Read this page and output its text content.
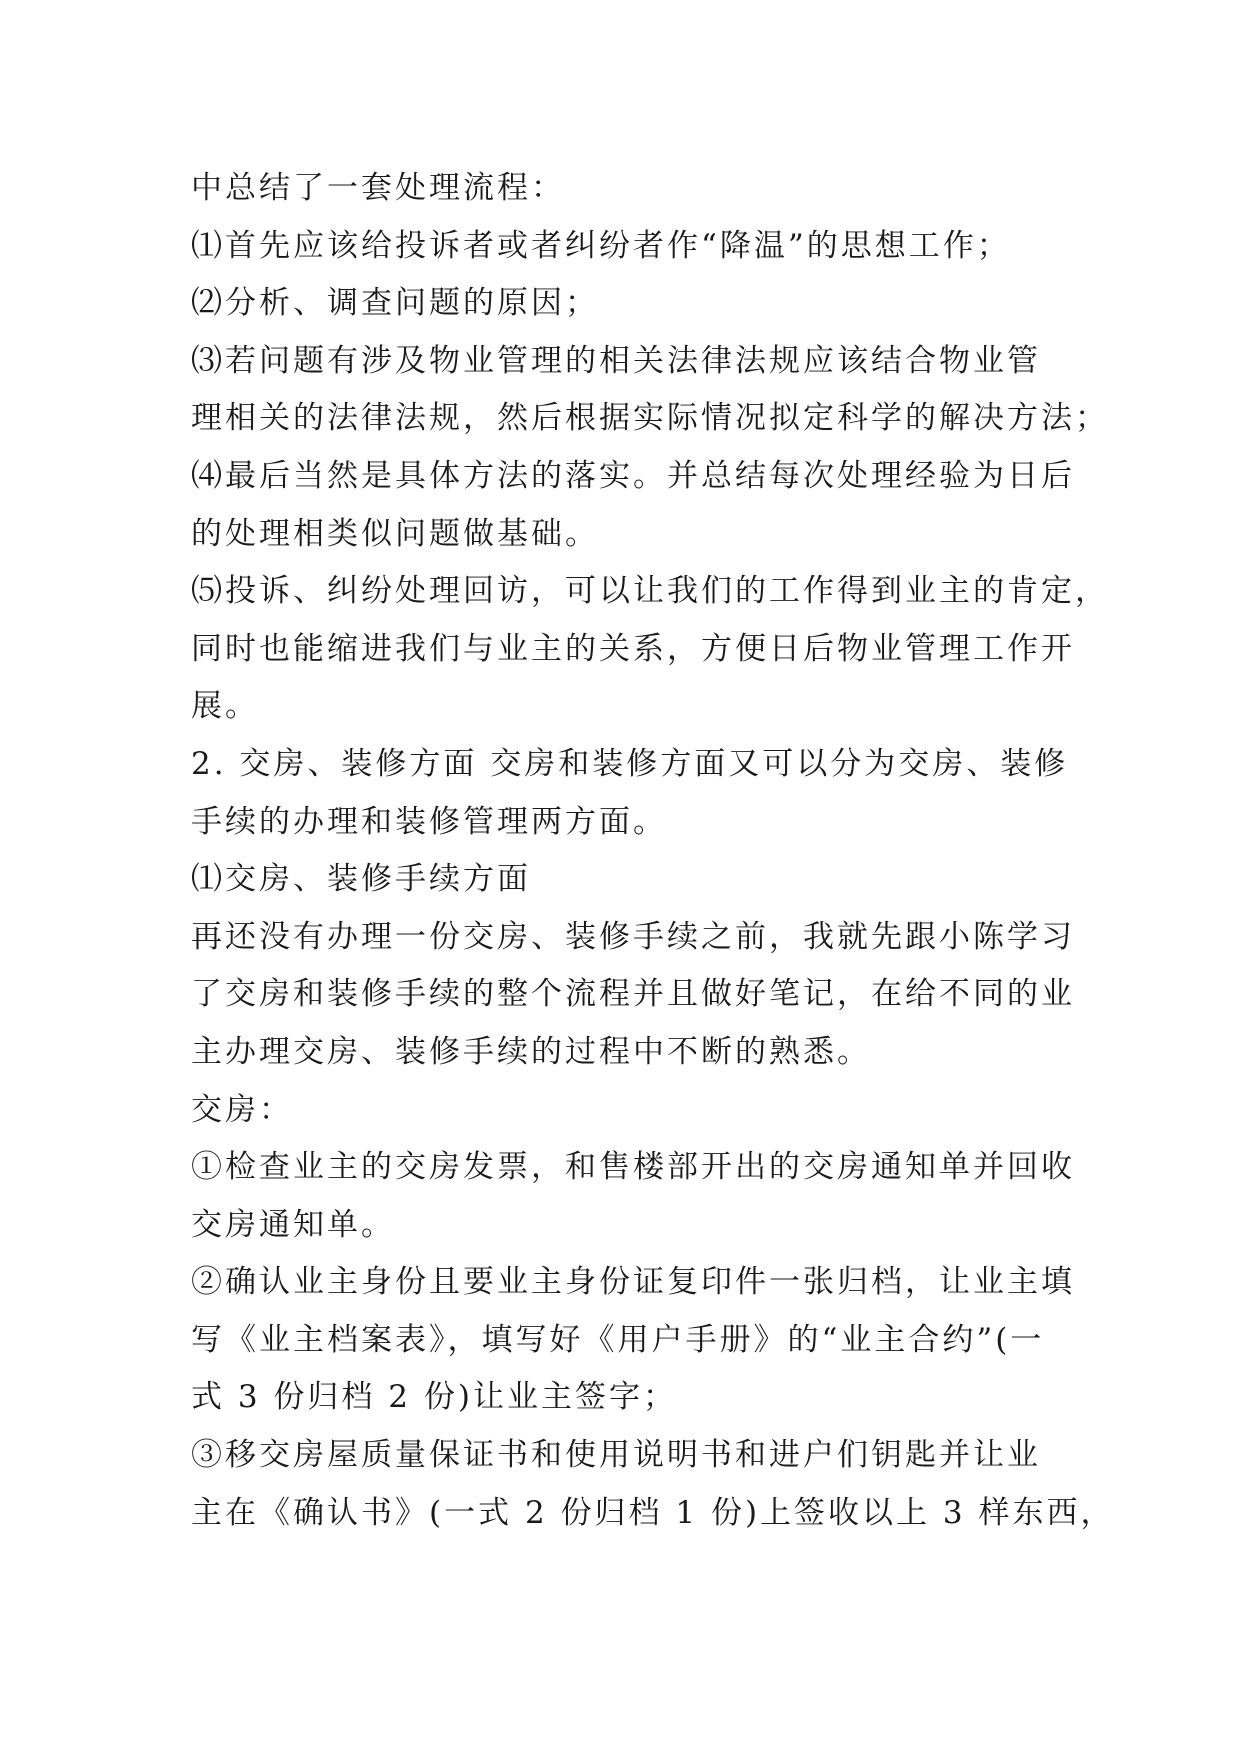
中总结了一套处理流程：
⑴首先应该给投诉者或者纠纷者作“降温”的思想工作；
⑵分析、调查问题的原因；
⑶若问题有涉及物业管理的相关法律法规应该结合物业管
理相关的法律法规，然后根据实际情况拟定科学的解决方法；
⑷最后当然是具体方法的落实。并总结每次处理经验为日后
的处理相类似问题做基础。
⑸投诉、纠纷处理回访，可以让我们的工作得到业主的肯定，
同时也能缩进我们与业主的关系，方便日后物业管理工作开
展。
2. 交房、装修方面 交房和装修方面又可以分为交房、装修
手续的办理和装修管理两方面。
⑴交房、装修手续方面
再还没有办理一份交房、装修手续之前，我就先跟小陈学习
了交房和装修手续的整个流程并且做好笔记，在给不同的业
主办理交房、装修手续的过程中不断的熟悉。
交房：
①检查业主的交房发票，和售楼部开出的交房通知单并回收
交房通知单。
②确认业主身份且要业主身份证复印件一张归档，让业主填
写《业主档案表》，填写好《用户手册》的“业主合约”(一
式 3 份归档 2 份)让业主签字；
③移交房屋质量保证书和使用说明书和进户们钥匙并让业
主在《确认书》(一式 2 份归档 1 份)上签收以上 3 样东西，
